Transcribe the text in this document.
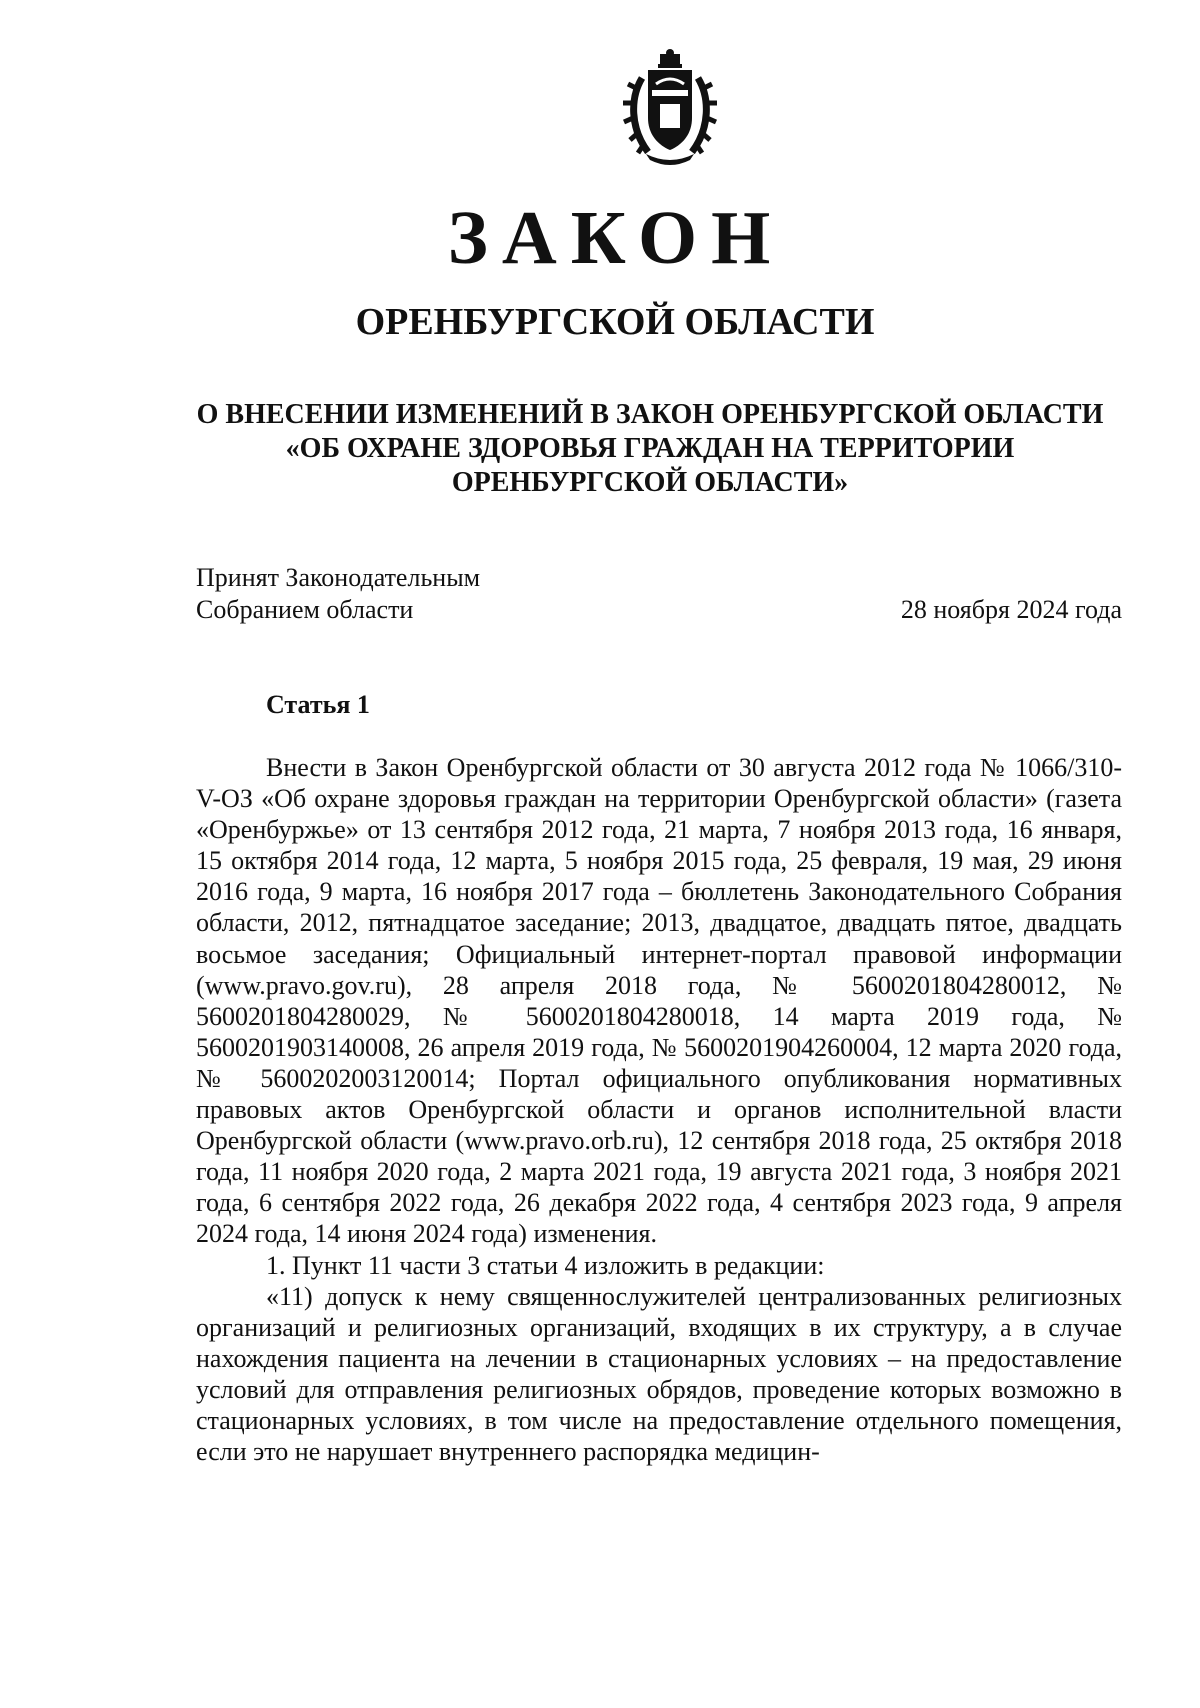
ЗАКОН
ОРЕНБУРГСКОЙ ОБЛАСТИ
О ВНЕСЕНИИ ИЗМЕНЕНИЙ В ЗАКОН ОРЕНБУРГСКОЙ ОБЛАСТИ
«ОБ ОХРАНЕ ЗДОРОВЬЯ ГРАЖДАН НА ТЕРРИТОРИИ
ОРЕНБУРГСКОЙ ОБЛАСТИ»
Принят Законодательным
Собранием области	28 ноября 2024 года
Статья 1

Внести в Закон Оренбургской области от 30 августа 2012 года № 1066/310-V-ОЗ «Об охране здоровья граждан на территории Оренбургской области» (газета «Оренбуржье» от 13 сентября 2012 года, 21 марта, 7 ноября 2013 года, 16 января, 15 октября 2014 года, 12 марта, 5 ноября 2015 года, 25 февраля, 19 мая, 29 июня 2016 года, 9 марта, 16 ноября 2017 года – бюллетень Законодательного Собрания области, 2012, пятнадцатое заседание; 2013, двадцатое, двадцать пятое, двадцать восьмое заседания; Официальный интернет-портал правовой информации (www.pravo.gov.ru), 28 апреля 2018 года, № 5600201804280012, № 5600201804280029, № 5600201804280018, 14 марта 2019 года, № 5600201903140008, 26 апреля 2019 года, № 5600201904260004, 12 марта 2020 года, № 5600202003120014; Портал официального опубликования нормативных правовых актов Оренбургской области и органов исполнительной власти Оренбургской области (www.pravo.orb.ru), 12 сентября 2018 года, 25 октября 2018 года, 11 ноября 2020 года, 2 марта 2021 года, 19 августа 2021 года, 3 ноября 2021 года, 6 сентября 2022 года, 26 декабря 2022 года, 4 сентября 2023 года, 9 апреля 2024 года, 14 июня 2024 года) изменения.

1. Пункт 11 части 3 статьи 4 изложить в редакции:

«11) допуск к нему священнослужителей централизованных религиозных организаций и религиозных организаций, входящих в их структуру, а в случае нахождения пациента на лечении в стационарных условиях – на предоставление условий для отправления религиозных обрядов, проведение которых возможно в стационарных условиях, в том числе на предоставление отдельного помещения, если это не нарушает внутреннего распорядка медицин-
